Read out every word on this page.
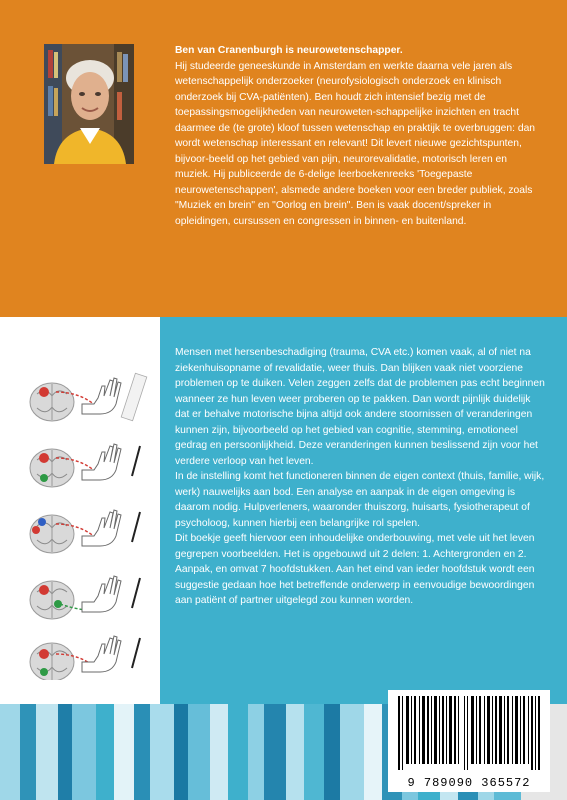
Ben van Cranenburgh is neurowetenschapper.

Hij studeerde geneeskunde in Amsterdam en werkte daarna vele jaren als wetenschappelijk onderzoeker (neurofysiologisch onderzoek en klinisch onderzoek bij CVA-patiënten). Ben houdt zich intensief bezig met de toepassingsmogelijkheden van neuroweten-schappelijke inzichten en tracht daarmee de (te grote) kloof tussen wetenschap en praktijk te overbruggen: dan wordt wetenschap interessant en relevant! Dit levert nieuwe gezichtspunten, bijvoor-beeld op het gebied van pijn, neurorevalidatie, motorisch leren en muziek. Hij publiceerde de 6-delige leerboekenreeks 'Toegepaste neurowetenschappen', alsmede andere boeken voor een breder publiek, zoals "Muziek en brein" en "Oorlog en brein". Ben is vaak docent/spreker in opleidingen, cursussen en congressen in binnen- en buitenland.

Mensen met hersenbeschadiging (trauma, CVA etc.) komen vaak, al of niet na ziekenhuisopname of revalidatie, weer thuis. Dan blijken vaak niet voorziene problemen op te duiken. Velen zeggen zelfs dat de problemen pas echt beginnen wanneer ze hun leven weer proberen op te pakken. Dan wordt pijnlijk duidelijk dat er behalve motorische bijna altijd ook andere stoornissen of veranderingen kunnen zijn, bijvoorbeeld op het gebied van cognitie, stemming, emotioneel gedrag en persoonlijkheid. Deze veranderingen kunnen beslissend zijn voor het verdere verloop van het leven.

In de instelling komt het functioneren binnen de eigen context (thuis, familie, wijk, werk) nauwelijks aan bod. Een analyse en aanpak in de eigen omgeving is daarom nodig. Hulpverleners, waaronder thuiszorg, huisarts, fysiotherapeut of psycholoog, kunnen hierbij een belangrijke rol spelen.

Dit boekje geeft hiervoor een inhoudelijke onderbouwing, met vele uit het leven gegrepen voorbeelden. Het is opgebouwd uit 2 delen: 1. Achtergronden en 2. Aanpak, en omvat 7 hoofdstukken. Aan het eind van ieder hoofdstuk wordt een suggestie gedaan hoe het betreffende onderwerp in eenvoudige bewoordingen aan patiënt of partner uitgelegd zou kunnen worden.

9 789090 365572
